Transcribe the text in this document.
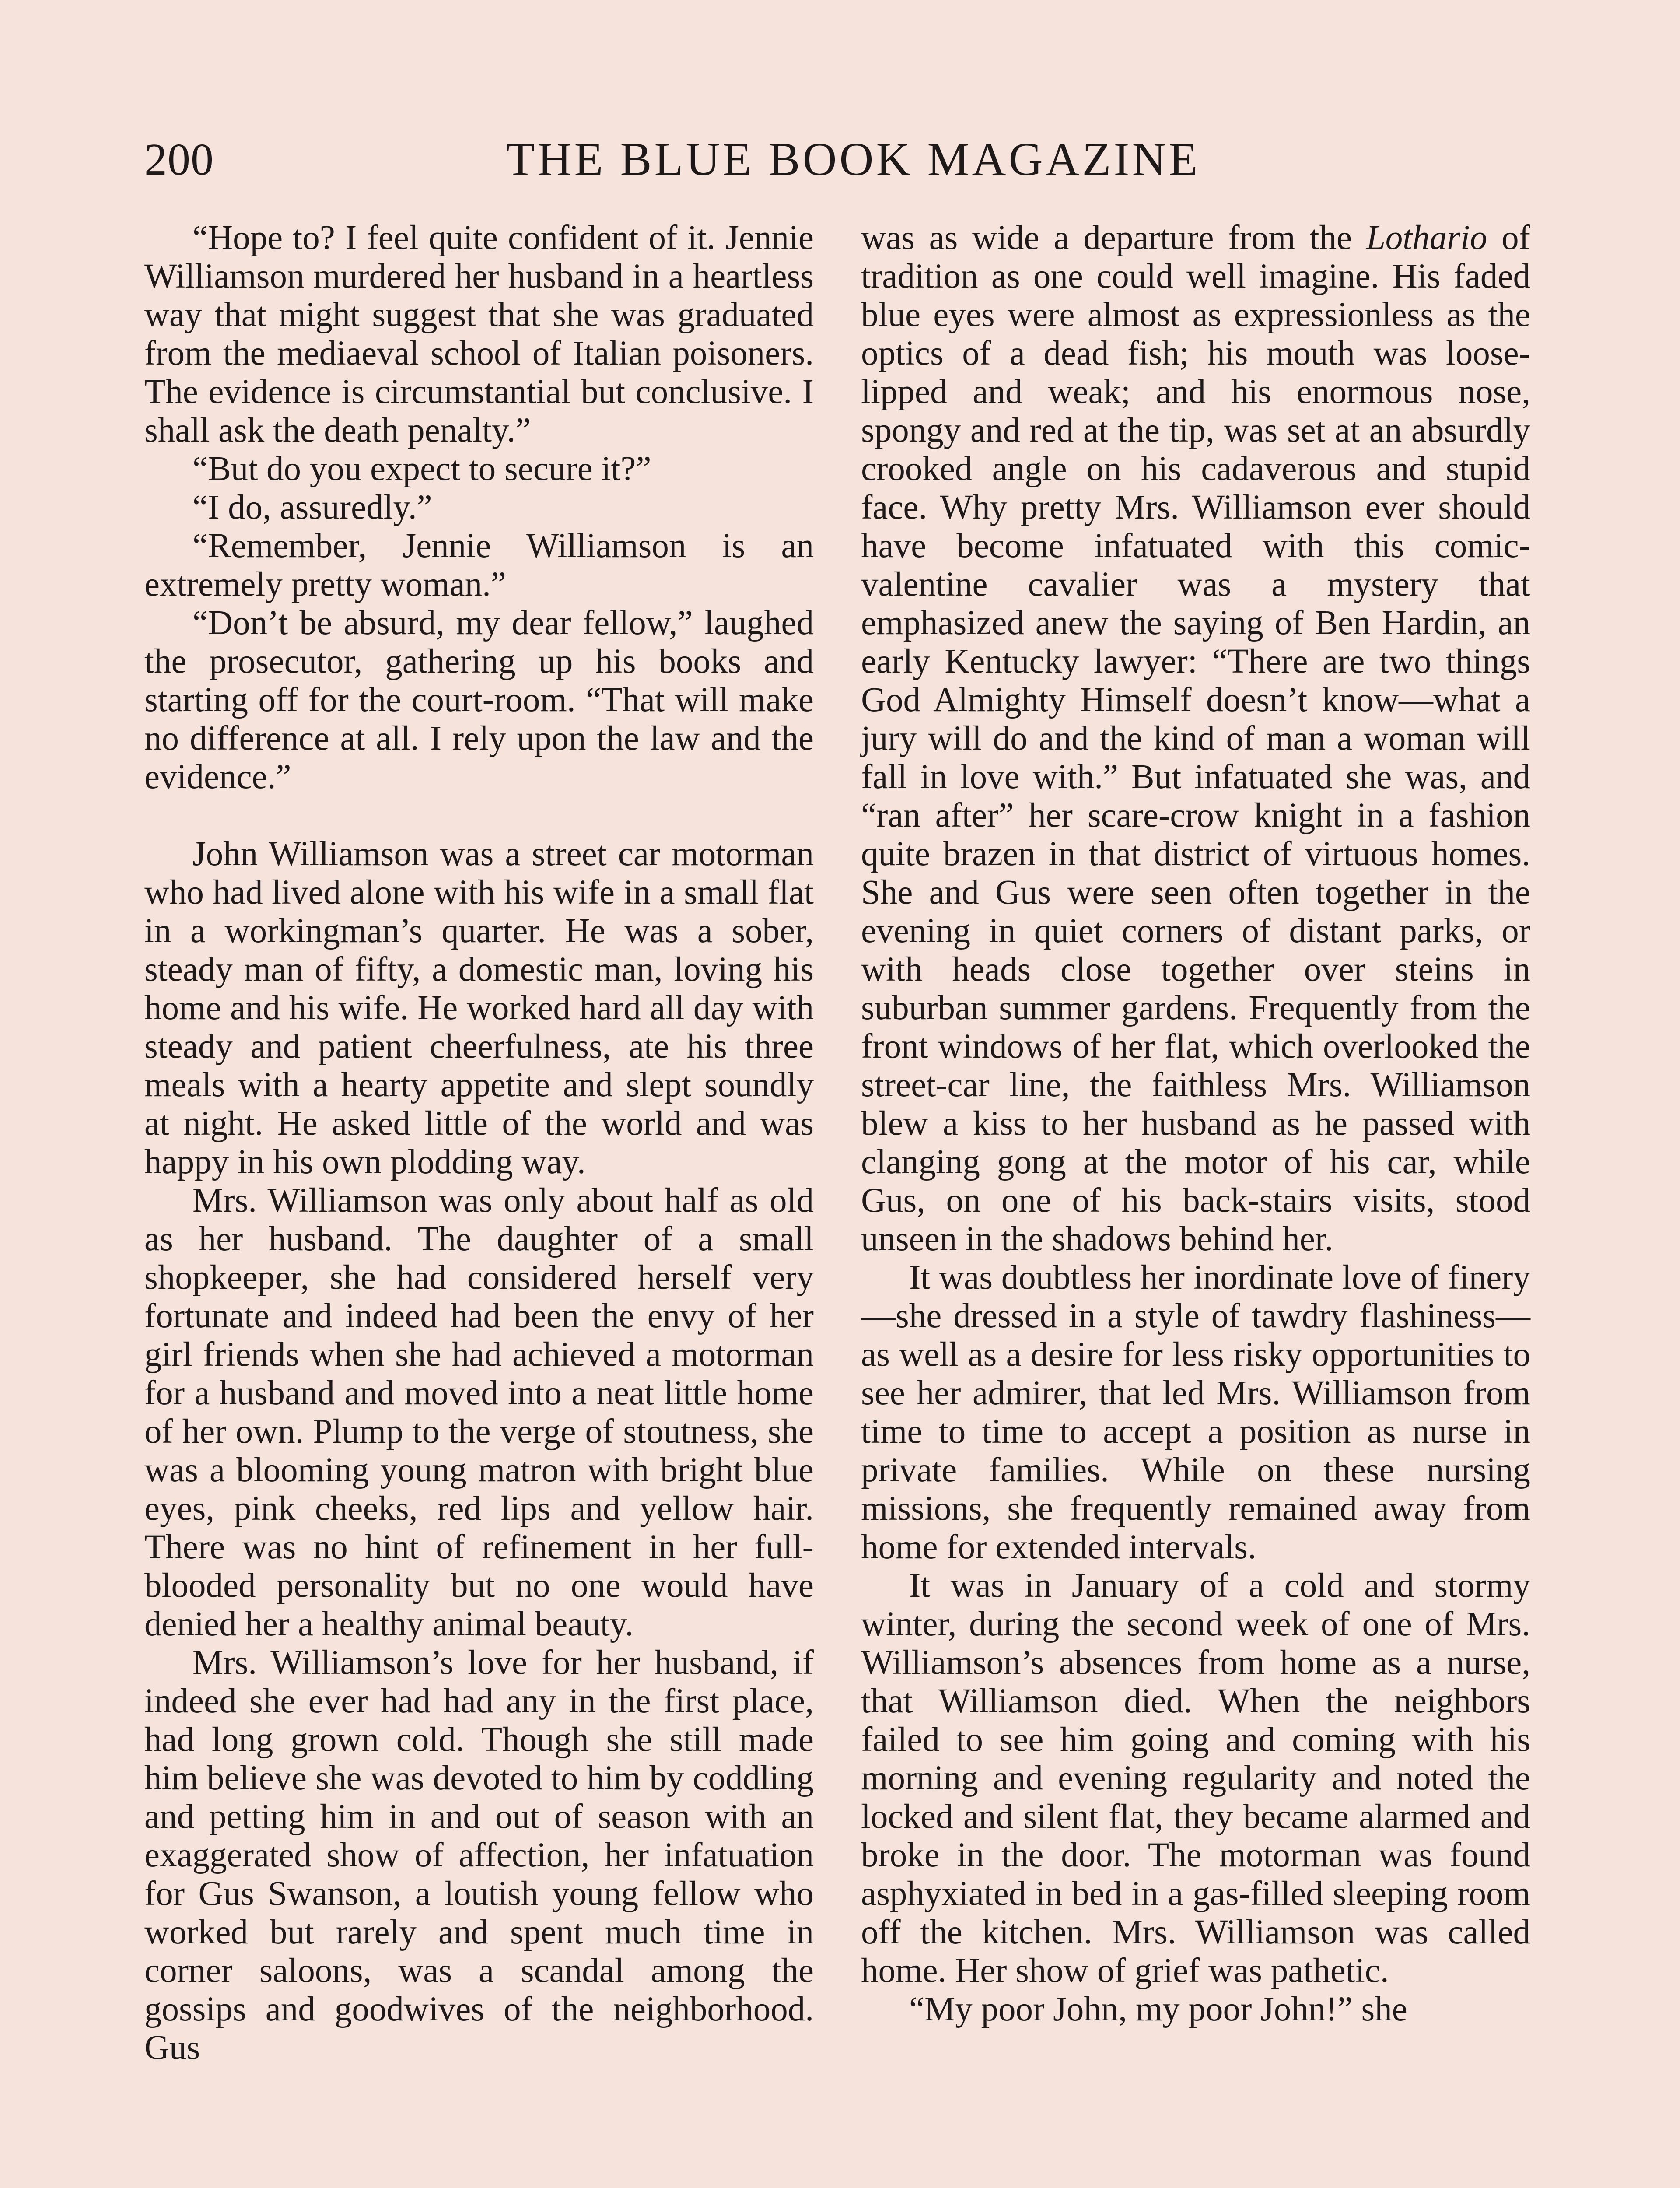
200	THE BLUE BOOK MAGAZINE

“Hope to? I feel quite confident of it. Jennie Williamson murdered her husband in a heartless way that might suggest that she was graduated from the mediaeval school of Italian poisoners. The evidence is circumstantial but conclusive. I shall ask the death penalty.”

“But do you expect to secure it?”

“I do, assuredly.”

“Remember, Jennie Williamson is an extremely pretty woman.”

“Don’t be absurd, my dear fellow,” laughed the prosecutor, gathering up his books and starting off for the court-room. “That will make no difference at all. I rely upon the law and the evidence.”

John Williamson was a street car motorman who had lived alone with his wife in a small flat in a workingman’s quarter. He was a sober, steady man of fifty, a domestic man, loving his home and his wife. He worked hard all day with steady and patient cheerfulness, ate his three meals with a hearty appetite and slept soundly at night. He asked little of the world and was happy in his own plodding way.

Mrs. Williamson was only about half as old as her husband. The daughter of a small shopkeeper, she had considered herself very fortunate and indeed had been the envy of her girl friends when she had achieved a motorman for a husband and moved into a neat little home of her own. Plump to the verge of stoutness, she was a blooming young matron with bright blue eyes, pink cheeks, red lips and yellow hair. There was no hint of refinement in her full-blooded personality but no one would have denied her a healthy animal beauty.

Mrs. Williamson’s love for her husband, if indeed she ever had had any in the first place, had long grown cold. Though she still made him believe she was devoted to him by coddling and petting him in and out of season with an exaggerated show of affection, her infatuation for Gus Swanson, a loutish young fellow who worked but rarely and spent much time in corner saloons, was a scandal among the gossips and goodwives of the neighborhood. Gus

was as wide a departure from the Lothario of tradition as one could well imagine. His faded blue eyes were almost as expressionless as the optics of a dead fish; his mouth was loose-lipped and weak; and his enormous nose, spongy and red at the tip, was set at an absurdly crooked angle on his cadaverous and stupid face. Why pretty Mrs. Williamson ever should have become infatuated with this comic-valentine cavalier was a mystery that emphasized anew the saying of Ben Hardin, an early Kentucky lawyer: “There are two things God Almighty Himself doesn’t know—what a jury will do and the kind of man a woman will fall in love with.” But infatuated she was, and “ran after” her scare-crow knight in a fashion quite brazen in that district of virtuous homes. She and Gus were seen often together in the evening in quiet corners of distant parks, or with heads close together over steins in suburban summer gardens. Frequently from the front windows of her flat, which overlooked the street-car line, the faithless Mrs. Williamson blew a kiss to her husband as he passed with clanging gong at the motor of his car, while Gus, on one of his back-stairs visits, stood unseen in the shadows behind her.

It was doubtless her inordinate love of finery—she dressed in a style of tawdry flashiness—as well as a desire for less risky opportunities to see her admirer, that led Mrs. Williamson from time to time to accept a position as nurse in private families. While on these nursing missions, she frequently remained away from home for extended intervals.

It was in January of a cold and stormy winter, during the second week of one of Mrs. Williamson’s absences from home as a nurse, that Williamson died. When the neighbors failed to see him going and coming with his morning and evening regularity and noted the locked and silent flat, they became alarmed and broke in the door. The motorman was found asphyxiated in bed in a gas-filled sleeping room off the kitchen. Mrs. Williamson was called home. Her show of grief was pathetic.

“My poor John, my poor John!” she
